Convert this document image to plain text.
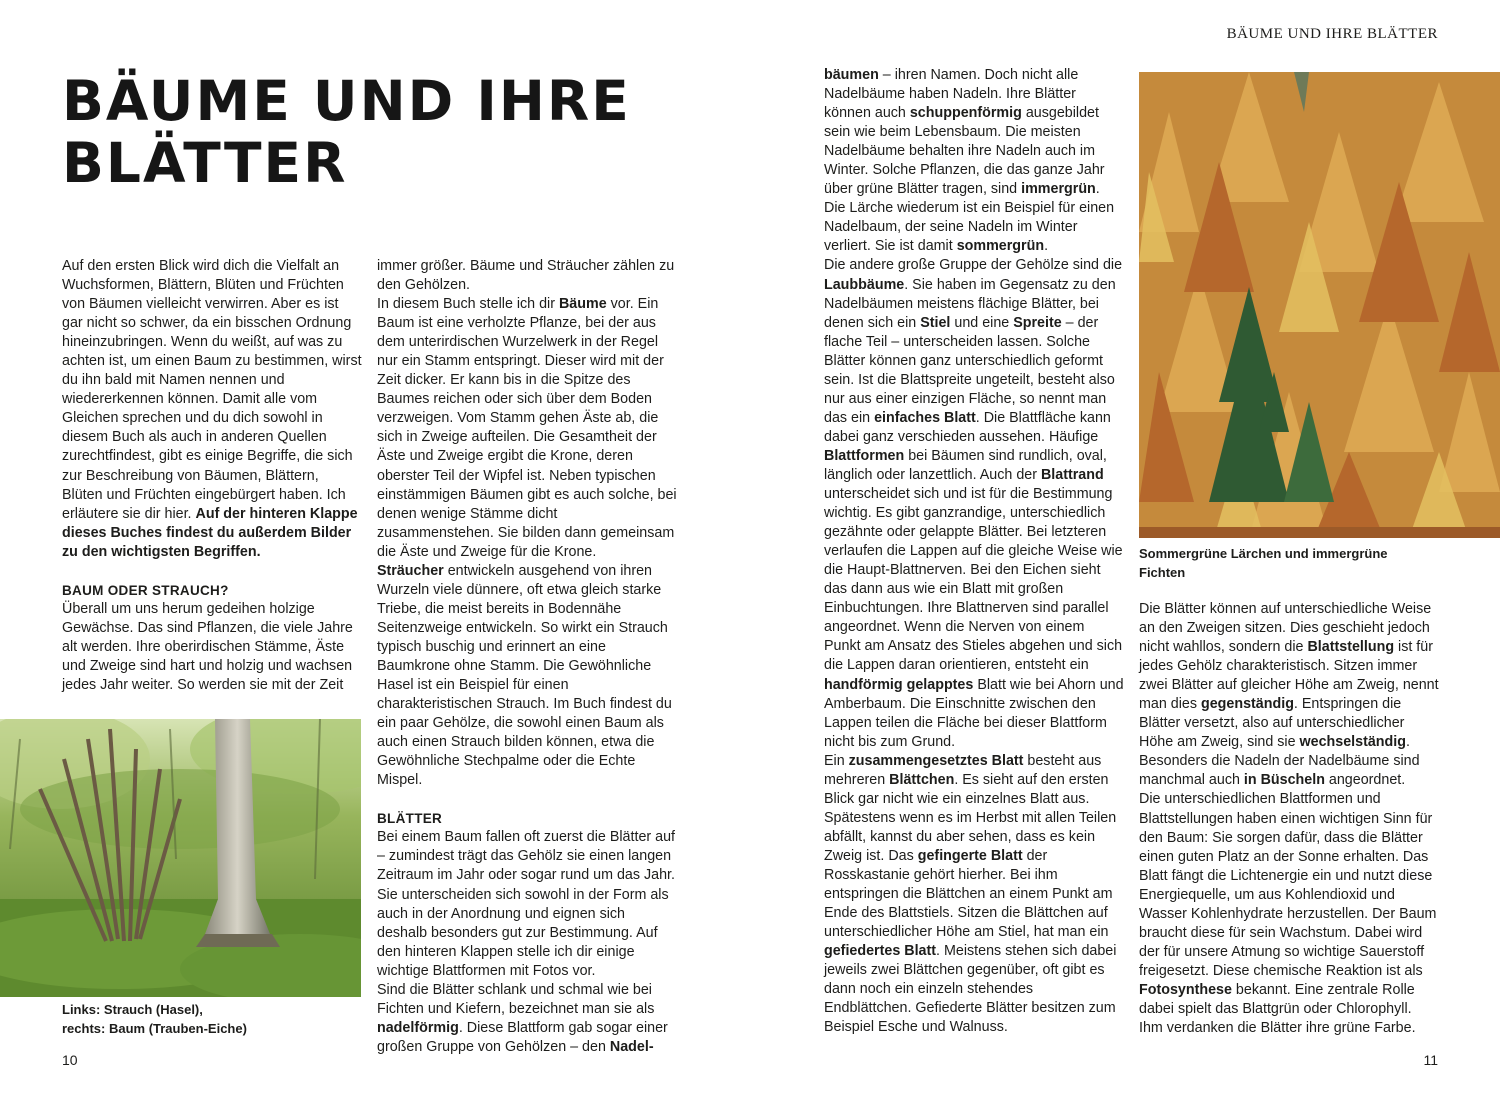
BÄUME UND IHRE
BLÄTTER

Auf den ersten Blick wird dich die Vielfalt an Wuchsformen, Blättern, Blüten und Früchten von Bäumen vielleicht verwirren. Aber es ist gar nicht so schwer, da ein bisschen Ordnung hineinzubringen. Wenn du weißt, auf was zu achten ist, um einen Baum zu bestimmen, wirst du ihn bald mit Namen nennen und wiedererkennen können. Damit alle vom Gleichen sprechen und du dich sowohl in diesem Buch als auch in anderen Quellen zurechtfindest, gibt es einige Begriffe, die sich zur Beschreibung von Bäumen, Blättern, Blüten und Früchten eingebürgert haben. Ich erläutere sie dir hier. Auf der hinteren Klappe dieses Buches findest du außerdem Bilder zu den wichtigsten Begriffen.

BAUM ODER STRAUCH?

Überall um uns herum gedeihen holzige Gewächse. Das sind Pflanzen, die viele Jahre alt werden. Ihre oberirdischen Stämme, Äste und Zweige sind hart und holzig und wachsen jedes Jahr weiter. So werden sie mit der Zeit

Links: Strauch (Hasel),
rechts: Baum (Trauben-Eiche)

immer größer. Bäume und Sträucher zählen zu den Gehölzen.

In diesem Buch stelle ich dir Bäume vor. Ein Baum ist eine verholzte Pflanze, bei der aus dem unterirdischen Wurzelwerk in der Regel nur ein Stamm entspringt. Dieser wird mit der Zeit dicker. Er kann bis in die Spitze des Baumes reichen oder sich über dem Boden verzweigen. Vom Stamm gehen Äste ab, die sich in Zweige aufteilen. Die Gesamtheit der Äste und Zweige ergibt die Krone, deren oberster Teil der Wipfel ist. Neben typischen einstämmigen Bäumen gibt es auch solche, bei denen wenige Stämme dicht zusammenstehen. Sie bilden dann gemeinsam die Äste und Zweige für die Krone.

Sträucher entwickeln ausgehend von ihren Wurzeln viele dünnere, oft etwa gleich starke Triebe, die meist bereits in Bodennähe Seitenzweige entwickeln. So wirkt ein Strauch typisch buschig und erinnert an eine Baumkrone ohne Stamm. Die Gewöhnliche Hasel ist ein Beispiel für einen charakteristischen Strauch. Im Buch findest du ein paar Gehölze, die sowohl einen Baum als auch einen Strauch bilden können, etwa die Gewöhnliche Stechpalme oder die Echte Mispel.

BLÄTTER

Bei einem Baum fallen oft zuerst die Blätter auf – zumindest trägt das Gehölz sie einen langen Zeitraum im Jahr oder sogar rund um das Jahr. Sie unterscheiden sich sowohl in der Form als auch in der Anordnung und eignen sich deshalb besonders gut zur Bestimmung. Auf den hinteren Klappen stelle ich dir einige wichtige Blattformen mit Fotos vor.

Sind die Blätter schlank und schmal wie bei Fichten und Kiefern, bezeichnet man sie als nadelförmig. Diese Blattform gab sogar einer großen Gruppe von Gehölzen – den Nadel-

10
BÄUME UND IHRE BLÄTTER

bäumen – ihren Namen. Doch nicht alle Nadelbäume haben Nadeln. Ihre Blätter können auch schuppenförmig ausgebildet sein wie beim Lebensbaum. Die meisten Nadelbäume behalten ihre Nadeln auch im Winter. Solche Pflanzen, die das ganze Jahr über grüne Blätter tragen, sind immergrün. Die Lärche wiederum ist ein Beispiel für einen Nadelbaum, der seine Nadeln im Winter verliert. Sie ist damit sommergrün.

Die andere große Gruppe der Gehölze sind die Laubbäume. Sie haben im Gegensatz zu den Nadelbäumen meistens flächige Blätter, bei denen sich ein Stiel und eine Spreite – der flache Teil – unterscheiden lassen. Solche Blätter können ganz unterschiedlich geformt sein. Ist die Blattspreite ungeteilt, besteht also nur aus einer einzigen Fläche, so nennt man das ein einfaches Blatt. Die Blattfläche kann dabei ganz verschieden aussehen. Häufige Blattformen bei Bäumen sind rundlich, oval, länglich oder lanzettlich. Auch der Blattrand unterscheidet sich und ist für die Bestimmung wichtig. Es gibt ganzrandige, unterschiedlich gezähnte oder gelappte Blätter. Bei letzteren verlaufen die Lappen auf die gleiche Weise wie die Haupt-Blattnerven. Bei den Eichen sieht das dann aus wie ein Blatt mit großen Einbuchtungen. Ihre Blattnerven sind parallel angeordnet. Wenn die Nerven von einem Punkt am Ansatz des Stieles abgehen und sich die Lappen daran orientieren, entsteht ein handförmig gelapptes Blatt wie bei Ahorn und Amberbaum. Die Einschnitte zwischen den Lappen teilen die Fläche bei dieser Blattform nicht bis zum Grund.

Ein zusammengesetztes Blatt besteht aus mehreren Blättchen. Es sieht auf den ersten Blick gar nicht wie ein einzelnes Blatt aus. Spätestens wenn es im Herbst mit allen Teilen abfällt, kannst du aber sehen, dass es kein Zweig ist. Das gefingerte Blatt der Rosskastanie gehört hierher. Bei ihm entspringen die Blättchen an einem Punkt am Ende des Blattstiels. Sitzen die Blättchen auf unterschiedlicher Höhe am Stiel, hat man ein gefiedertes Blatt. Meistens stehen sich dabei jeweils zwei Blättchen gegenüber, oft gibt es dann noch ein einzeln stehendes Endblättchen. Gefiederte Blätter besitzen zum Beispiel Esche und Walnuss.

Sommergrüne Lärchen und immergrüne
Fichten

Die Blätter können auf unterschiedliche Weise an den Zweigen sitzen. Dies geschieht jedoch nicht wahllos, sondern die Blattstellung ist für jedes Gehölz charakteristisch. Sitzen immer zwei Blätter auf gleicher Höhe am Zweig, nennt man dies gegenständig. Entspringen die Blätter versetzt, also auf unterschiedlicher Höhe am Zweig, sind sie wechselständig. Besonders die Nadeln der Nadelbäume sind manchmal auch in Büscheln angeordnet.

Die unterschiedlichen Blattformen und Blattstellungen haben einen wichtigen Sinn für den Baum: Sie sorgen dafür, dass die Blätter einen guten Platz an der Sonne erhalten. Das Blatt fängt die Lichtenergie ein und nutzt diese Energiequelle, um aus Kohlendioxid und Wasser Kohlenhydrate herzustellen. Der Baum braucht diese für sein Wachstum. Dabei wird der für unsere Atmung so wichtige Sauerstoff freigesetzt. Diese chemische Reaktion ist als Fotosynthese bekannt. Eine zentrale Rolle dabei spielt das Blattgrün oder Chlorophyll. Ihm verdanken die Blätter ihre grüne Farbe.

11
